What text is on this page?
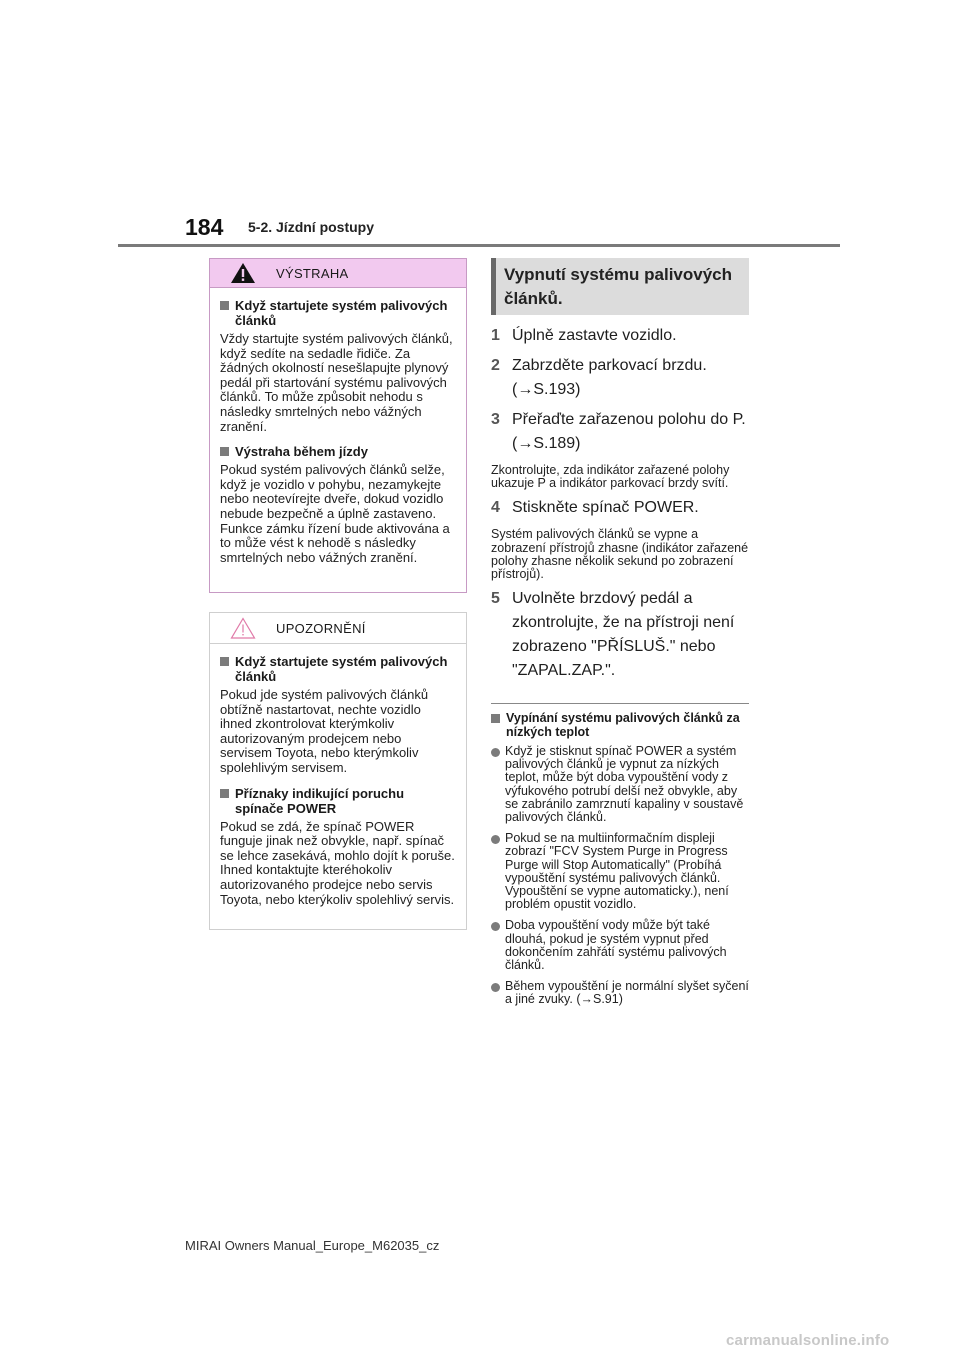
184 5-2. Jízdní postupy
VÝSTRAHA
Když startujete systém palivových článků

Vždy startujte systém palivových článků, když sedíte na sedadle řidiče. Za žádných okolností nesešlapujte plynový pedál při startování systému palivových článků. To může způsobit nehodu s následky smrtelných nebo vážných zranění.

Výstraha během jízdy

Pokud systém palivových článků selže, když je vozidlo v pohybu, nezamykejte nebo neotevírejte dveře, dokud vozidlo nebude bezpečně a úplně zastaveno. Funkce zámku řízení bude aktivována a to může vést k nehodě s následky smrtelných nebo vážných zranění.

UPOZORNĚNÍ
Když startujete systém palivových článků

Pokud jde systém palivových článků obtížně nastartovat, nechte vozidlo ihned zkontrolovat kterýmkoliv autorizovaným prodejcem nebo servisem Toyota, nebo kterýmkoliv spolehlivým servisem.

Příznaky indikující poruchu spínače POWER

Pokud se zdá, že spínač POWER funguje jinak než obvykle, např. spínač se lehce zasekává, mohlo dojít k poruše. Ihned kontaktujte kteréhokoliv autorizovaného prodejce nebo servis Toyota, nebo kterýkoliv spolehlivý servis.

Vypnutí systému palivových článků.
1 Úplně zastavte vozidlo.
2 Zabrzděte parkovací brzdu.
(→S.193)
3 Přeřaďte zařazenou polohu do P.
(→S.189)

Zkontrolujte, zda indikátor zařazené polohy ukazuje P a indikátor parkovací brzdy svítí.

4 Stiskněte spínač POWER.

Systém palivových článků se vypne a zobrazení přístrojů zhasne (indikátor zařazené polohy zhasne několik sekund po zobrazení přístrojů).

5 Uvolněte brzdový pedál a zkontrolujte, že na přístroji není zobrazeno "PŘÍSLUŠ." nebo "ZAPAL.ZAP.".
Vypínání systému palivových článků za nízkých teplot
Když je stisknut spínač POWER a systém palivových článků je vypnut za nízkých teplot, může být doba vypouštění vody z výfukového potrubí delší než obvykle, aby se zabránilo zamrznutí kapaliny v soustavě palivových článků.
Pokud se na multiinformačním displeji zobrazí "FCV System Purge in Progress Purge will Stop Automatically" (Probíhá vypouštění systému palivových článků. Vypouštění se vypne automaticky.), není problém opustit vozidlo.
Doba vypouštění vody může být také dlouhá, pokud je systém vypnut před dokončením zahřátí systému palivových článků.
Během vypouštění je normální slyšet syčení a jiné zvuky. (→S.91)
MIRAI Owners Manual_Europe_M62035_cz
carmanualsonline.info
